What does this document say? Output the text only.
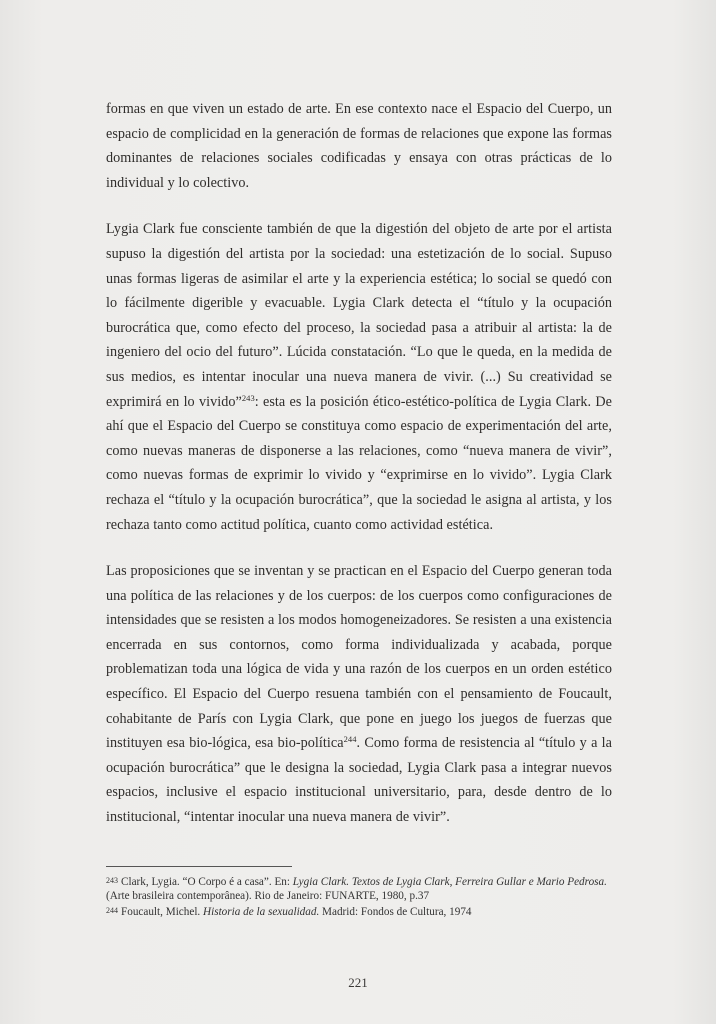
formas en que viven un estado de arte. En ese contexto nace el Espacio del Cuerpo, un espacio de complicidad en la generación de formas de relaciones que expone las formas dominantes de relaciones sociales codificadas y ensaya con otras prácticas de lo individual y lo colectivo.

Lygia Clark fue consciente también de que la digestión del objeto de arte por el artista supuso la digestión del artista por la sociedad: una estetización de lo social. Supuso unas formas ligeras de asimilar el arte y la experiencia estética; lo social se quedó con lo fácilmente digerible y evacuable. Lygia Clark detecta el “título y la ocupación burocrática que, como efecto del proceso, la sociedad pasa a atribuir al artista: la de ingeniero del ocio del futuro”. Lúcida constatación. “Lo que le queda, en la medida de sus medios, es intentar inocular una nueva manera de vivir. (...) Su creatividad se exprimirá en lo vivido”$^{243}$: esta es la posición ético-estético-política de Lygia Clark. De ahí que el Espacio del Cuerpo se constituya como espacio de experimentación del arte, como nuevas maneras de disponerse a las relaciones, como “nueva manera de vivir”, como nuevas formas de exprimir lo vivido y “exprimirse en lo vivido”. Lygia Clark rechaza el “título y la ocupación burocrática”, que la sociedad le asigna al artista, y los rechaza tanto como actitud política, cuanto como actividad estética.

Las proposiciones que se inventan y se practican en el Espacio del Cuerpo generan toda una política de las relaciones y de los cuerpos: de los cuerpos como configuraciones de intensidades que se resisten a los modos homogeneizadores. Se resisten a una existencia encerrada en sus contornos, como forma individualizada y acabada, porque problematizan toda una lógica de vida y una razón de los cuerpos en un orden estético específico. El Espacio del Cuerpo resuena también con el pensamiento de Foucault, cohabitante de París con Lygia Clark, que pone en juego los juegos de fuerzas que instituyen esa bio-lógica, esa bio-política$^{244}$. Como forma de resistencia al “título y a la ocupación burocrática” que le designa la sociedad, Lygia Clark pasa a integrar nuevos espacios, inclusive el espacio institucional universitario, para, desde dentro de lo institucional, “intentar inocular una nueva manera de vivir”.

243 Clark, Lygia. “O Corpo é a casa”. En: Lygia Clark. Textos de Lygia Clark, Ferreira Gullar e Mario Pedrosa. (Arte brasileira contemporânea). Rio de Janeiro: FUNARTE, 1980, p.37

244 Foucault, Michel. Historia de la sexualidad. Madrid: Fondos de Cultura, 1974

221
